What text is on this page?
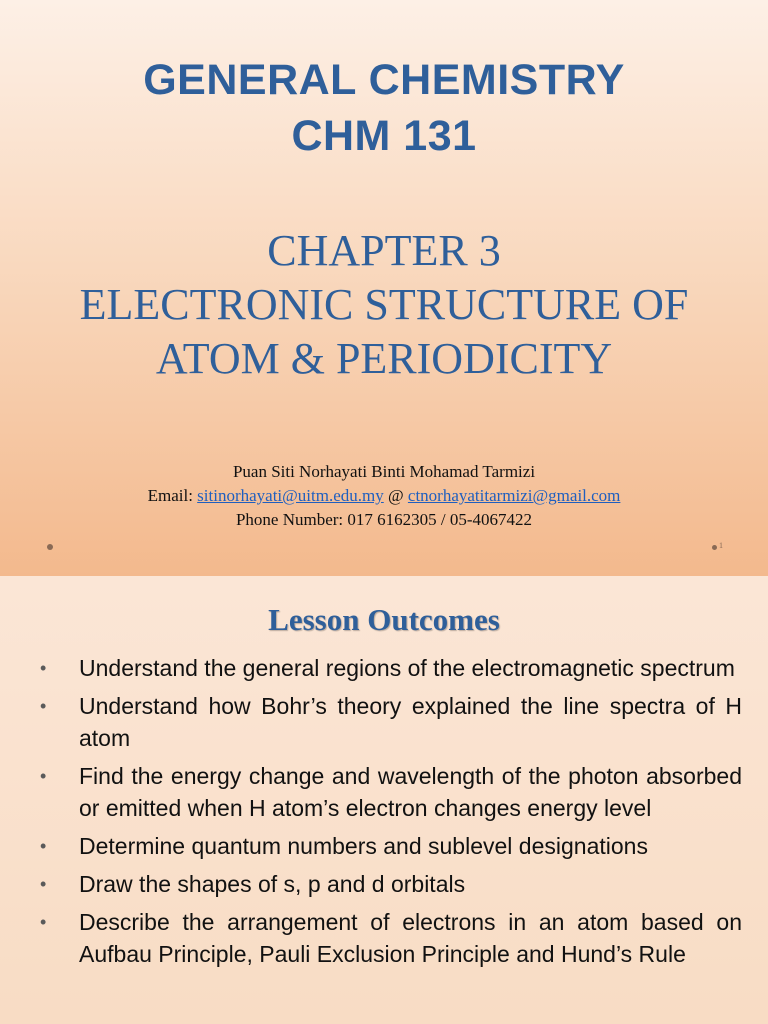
GENERAL CHEMISTRY
CHM 131
CHAPTER 3
ELECTRONIC STRUCTURE OF
ATOM & PERIODICITY
Puan Siti Norhayati Binti Mohamad Tarmizi
Email: sitinorhayati@uitm.edu.my @ ctnorhayatitarmizi@gmail.com
Phone Number: 017 6162305 / 05-4067422
1
Lesson Outcomes
• Understand the general regions of the electromagnetic spectrum
• Understand how Bohr’s theory explained the line spectra of H atom
• Find the energy change and wavelength of the photon absorbed or emitted when H atom’s electron changes energy level
• Determine quantum numbers and sublevel designations
• Draw the shapes of s, p and d orbitals
• Describe the arrangement of electrons in an atom based on Aufbau Principle, Pauli Exclusion Principle and Hund’s Rule
